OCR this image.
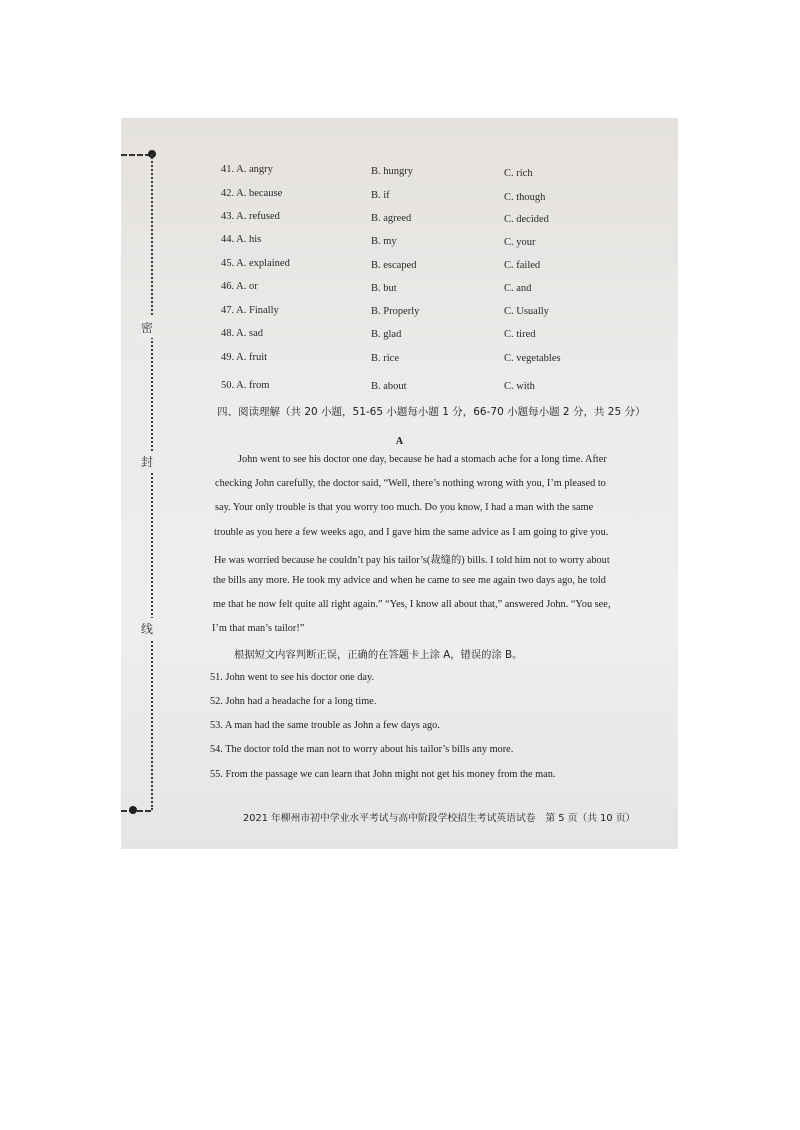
密
封
线
41. A. angry	B. hungry	C. rich
42. A. because	B. if	C. though
43. A. refused	B. agreed	C. decided
44. A. his	B. my	C. your
45. A. explained	B. escaped	C. failed
46. A. or	B. but	C. and
47. A. Finally	B. Properly	C. Usually
48. A. sad	B. glad	C. tired
49. A. fruit	B. rice	C. vegetables
50. A. from	B. about	C. with
四、阅读理解（共 20 小题，51-65 小题每小题 1 分，66-70 小题每小题 2 分，共 25 分）
A
John went to see his doctor one day, because he had a stomach ache for a long time. After
checking John carefully, the doctor said, “Well, there’s nothing wrong with you, I’m pleased to
say. Your only trouble is that you worry too much. Do you know, I had a man with the same
trouble as you here a few weeks ago, and I gave him the same advice as I am going to give you.
He was worried because he couldn’t pay his tailor’s(裁缝的) bills. I told him not to worry about
the bills any more. He took my advice and when he came to see me again two days ago, he told
me that he now felt quite all right again.” “Yes, I know all about that,” answered John. “You see,
I’m that man’s tailor!”
根据短文内容判断正误，正确的在答题卡上涂 A，错误的涂 B。
51. John went to see his doctor one day.
52. John had a headache for a long time.
53. A man had the same trouble as John a few days ago.
54. The doctor told the man not to worry about his tailor’s bills any more.
55. From the passage we can learn that John might not get his money from the man.
2021 年柳州市初中学业水平考试与高中阶段学校招生考试英语试卷　第 5 页（共 10 页）
